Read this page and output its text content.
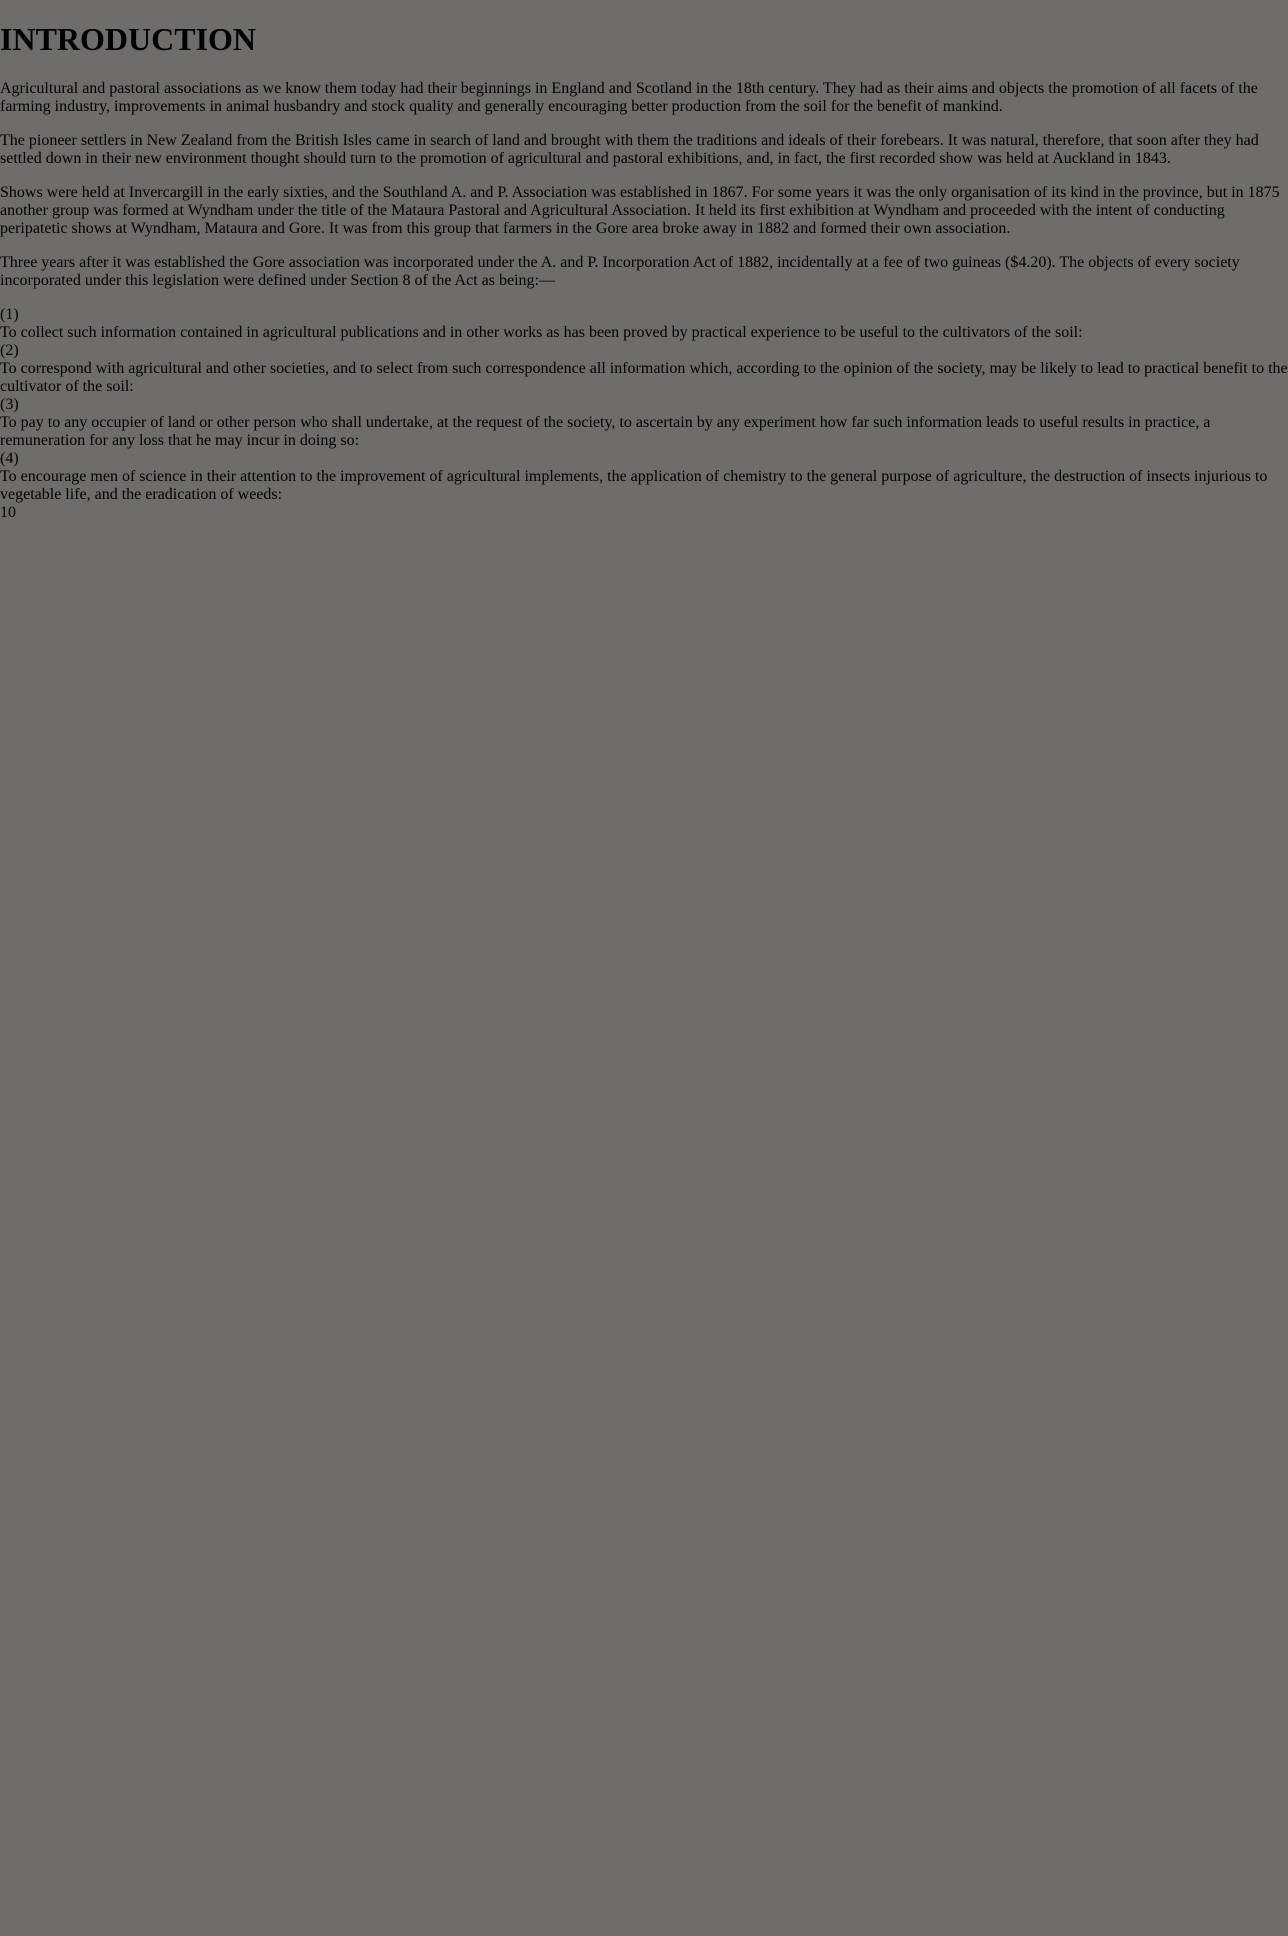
INTRODUCTION

Agricultural and pastoral associations as we know them today had their beginnings in England and Scotland in the 18th century. They had as their aims and objects the promotion of all facets of the farming industry, improvements in animal husbandry and stock quality and generally encouraging better production from the soil for the benefit of mankind.

The pioneer settlers in New Zealand from the British Isles came in search of land and brought with them the traditions and ideals of their forebears. It was natural, therefore, that soon after they had settled down in their new environment thought should turn to the promotion of agricultural and pastoral exhibitions, and, in fact, the first recorded show was held at Auckland in 1843.

Shows were held at Invercargill in the early sixties, and the Southland A. and P. Association was established in 1867. For some years it was the only organisation of its kind in the province, but in 1875 another group was formed at Wyndham under the title of the Mataura Pastoral and Agricultural Association. It held its first exhibition at Wyndham and proceeded with the intent of conducting peripatetic shows at Wyndham, Mataura and Gore. It was from this group that farmers in the Gore area broke away in 1882 and formed their own association.

Three years after it was established the Gore association was incorporated under the A. and P. Incorporation Act of 1882, incidentally at a fee of two guineas ($4.20). The objects of every society incorporated under this legislation were defined under Section 8 of the Act as being:—

(1)
To collect such information contained in agricultural publications and in other works as has been proved by practical experience to be useful to the cultivators of the soil:
(2)
To correspond with agricultural and other societies, and to select from such correspondence all information which, according to the opinion of the society, may be likely to lead to practical benefit to the cultivator of the soil:
(3)
To pay to any occupier of land or other person who shall undertake, at the request of the society, to ascertain by any experiment how far such information leads to useful results in practice, a remuneration for any loss that he may incur in doing so:
(4)
To encourage men of science in their attention to the improvement of agricultural implements, the application of chemistry to the general purpose of agriculture, the destruction of insects injurious to vegetable life, and the eradication of weeds:
10
